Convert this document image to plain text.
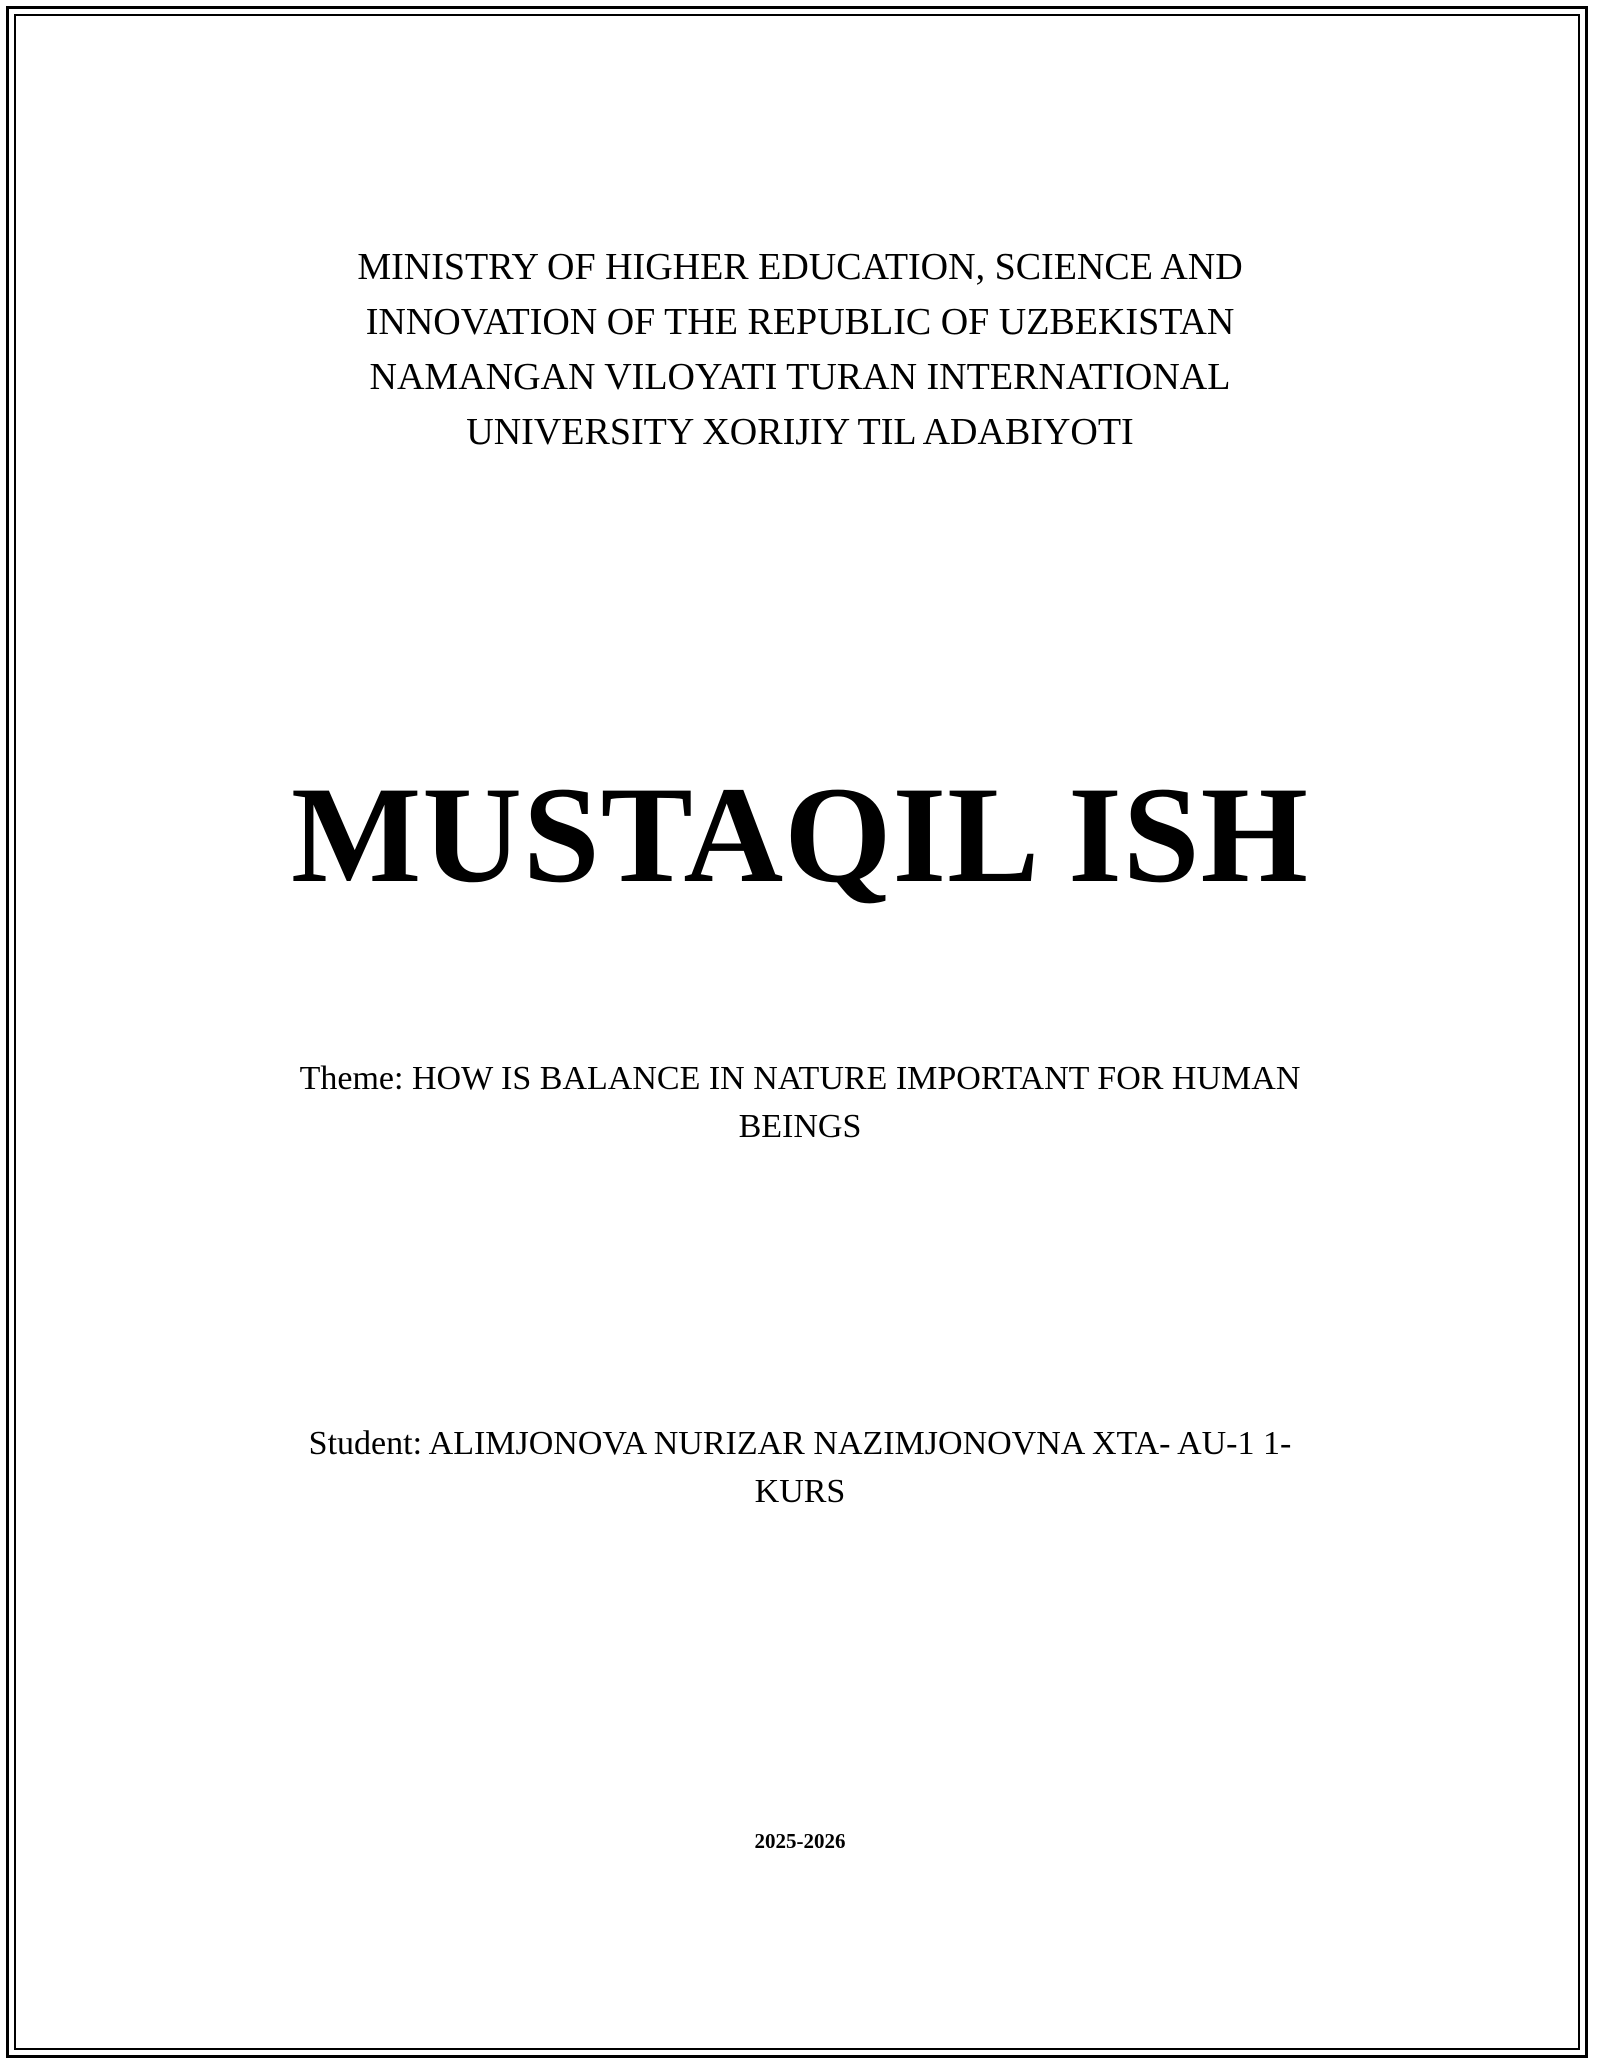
MINISTRY OF HIGHER EDUCATION, SCIENCE AND
INNOVATION OF THE REPUBLIC OF UZBEKISTAN
NAMANGAN VILOYATI TURAN INTERNATIONAL
UNIVERSITY XORIJIY TIL ADABIYOTI
MUSTAQIL ISH
Theme: HOW IS BALANCE IN NATURE IMPORTANT FOR HUMAN
BEINGS
Student: ALIMJONOVA NURIZAR NAZIMJONOVNA XTA- AU-1 1-
KURS
2025-2026
